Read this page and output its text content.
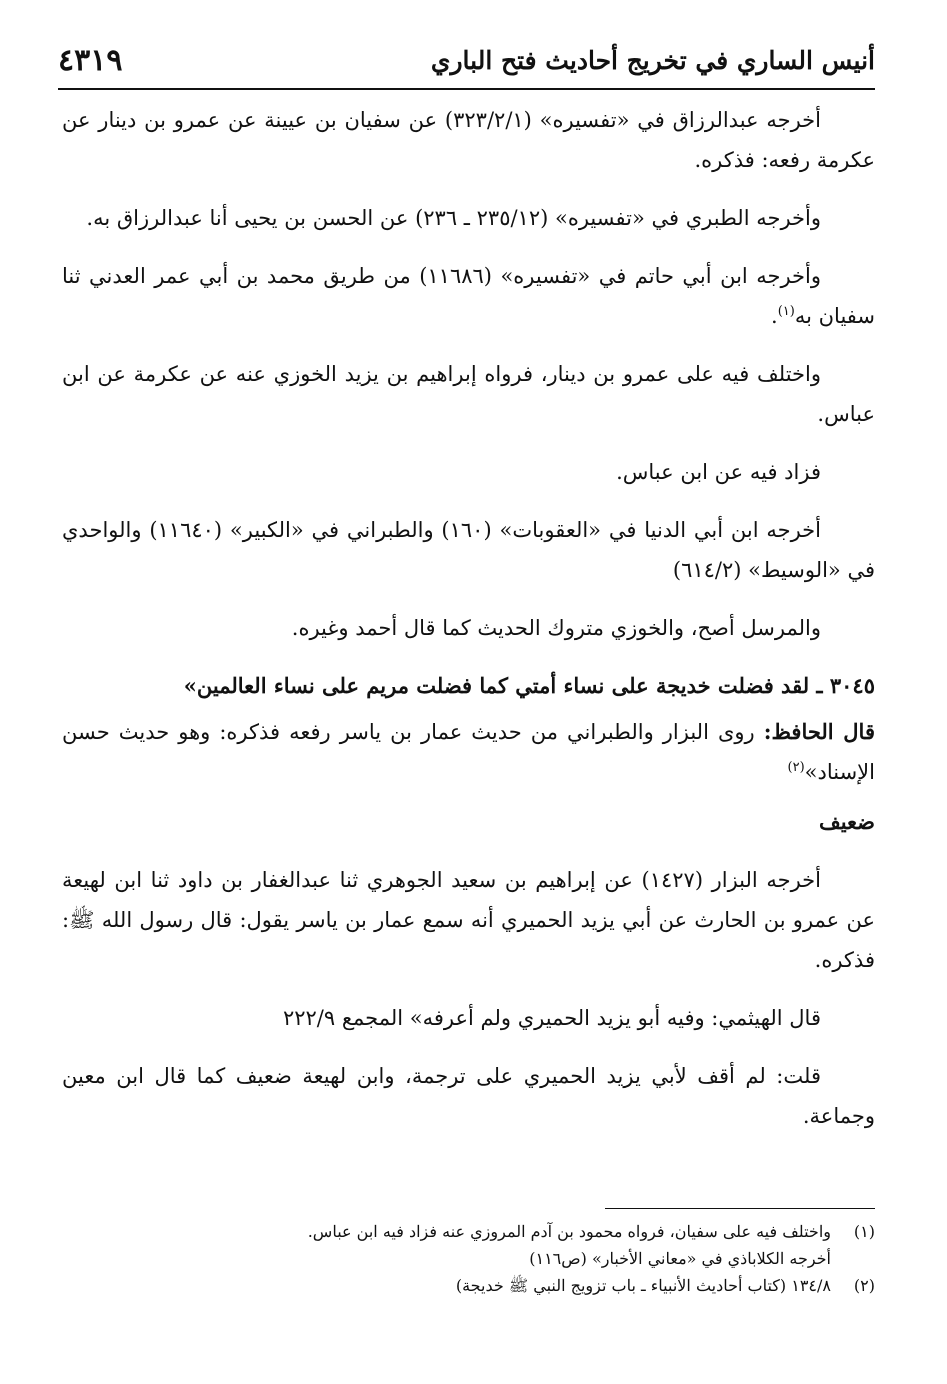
أنيس الساري في تخريج أحاديث فتح الباري
٤٣١٩

أخرجه عبدالرزاق في «تفسيره» (٣٢٣/٢/١) عن سفيان بن عيينة عن عمرو بن دينار عن عكرمة رفعه: فذكره.

وأخرجه الطبري في «تفسيره» (٢٣٥/١٢ ـ ٢٣٦) عن الحسن بن يحيى أنا عبدالرزاق به.

وأخرجه ابن أبي حاتم في «تفسيره» (١١٦٨٦) من طريق محمد بن أبي عمر العدني ثنا سفيان به$^{(١)}$.

واختلف فيه على عمرو بن دينار، فرواه إبراهيم بن يزيد الخوزي عنه عن عكرمة عن ابن عباس.

فزاد فيه عن ابن عباس.

أخرجه ابن أبي الدنيا في «العقوبات» (١٦٠) والطبراني في «الكبير» (١١٦٤٠) والواحدي في «الوسيط» (٦١٤/٢)

والمرسل أصح، والخوزي متروك الحديث كما قال أحمد وغيره.

٣٠٤٥ ـ لقد فضلت خديجة على نساء أمتي كما فضلت مريم على نساء العالمين»

قال الحافظ: روى البزار والطبراني من حديث عمار بن ياسر رفعه فذكره: وهو حديث حسن الإسناد»$^{(٢)}$

ضعيف

أخرجه البزار (١٤٢٧) عن إبراهيم بن سعيد الجوهري ثنا عبدالغفار بن داود ثنا ابن لهيعة عن عمرو بن الحارث عن أبي يزيد الحميري أنه سمع عمار بن ياسر يقول: قال رسول الله ﷺ: فذكره.

قال الهيثمي: وفيه أبو يزيد الحميري ولم أعرفه» المجمع ٢٢٢/٩

قلت: لم أقف لأبي يزيد الحميري على ترجمة، وابن لهيعة ضعيف كما قال ابن معين وجماعة.

(١)
واختلف فيه على سفيان، فرواه محمود بن آدم المروزي عنه فزاد فيه ابن عباس.
أخرجه الكلاباذي في «معاني الأخبار» (ص١١٦)
(٢)
١٣٤/٨ (كتاب أحاديث الأنبياء ـ باب تزويج النبي ﷺ خديجة)
